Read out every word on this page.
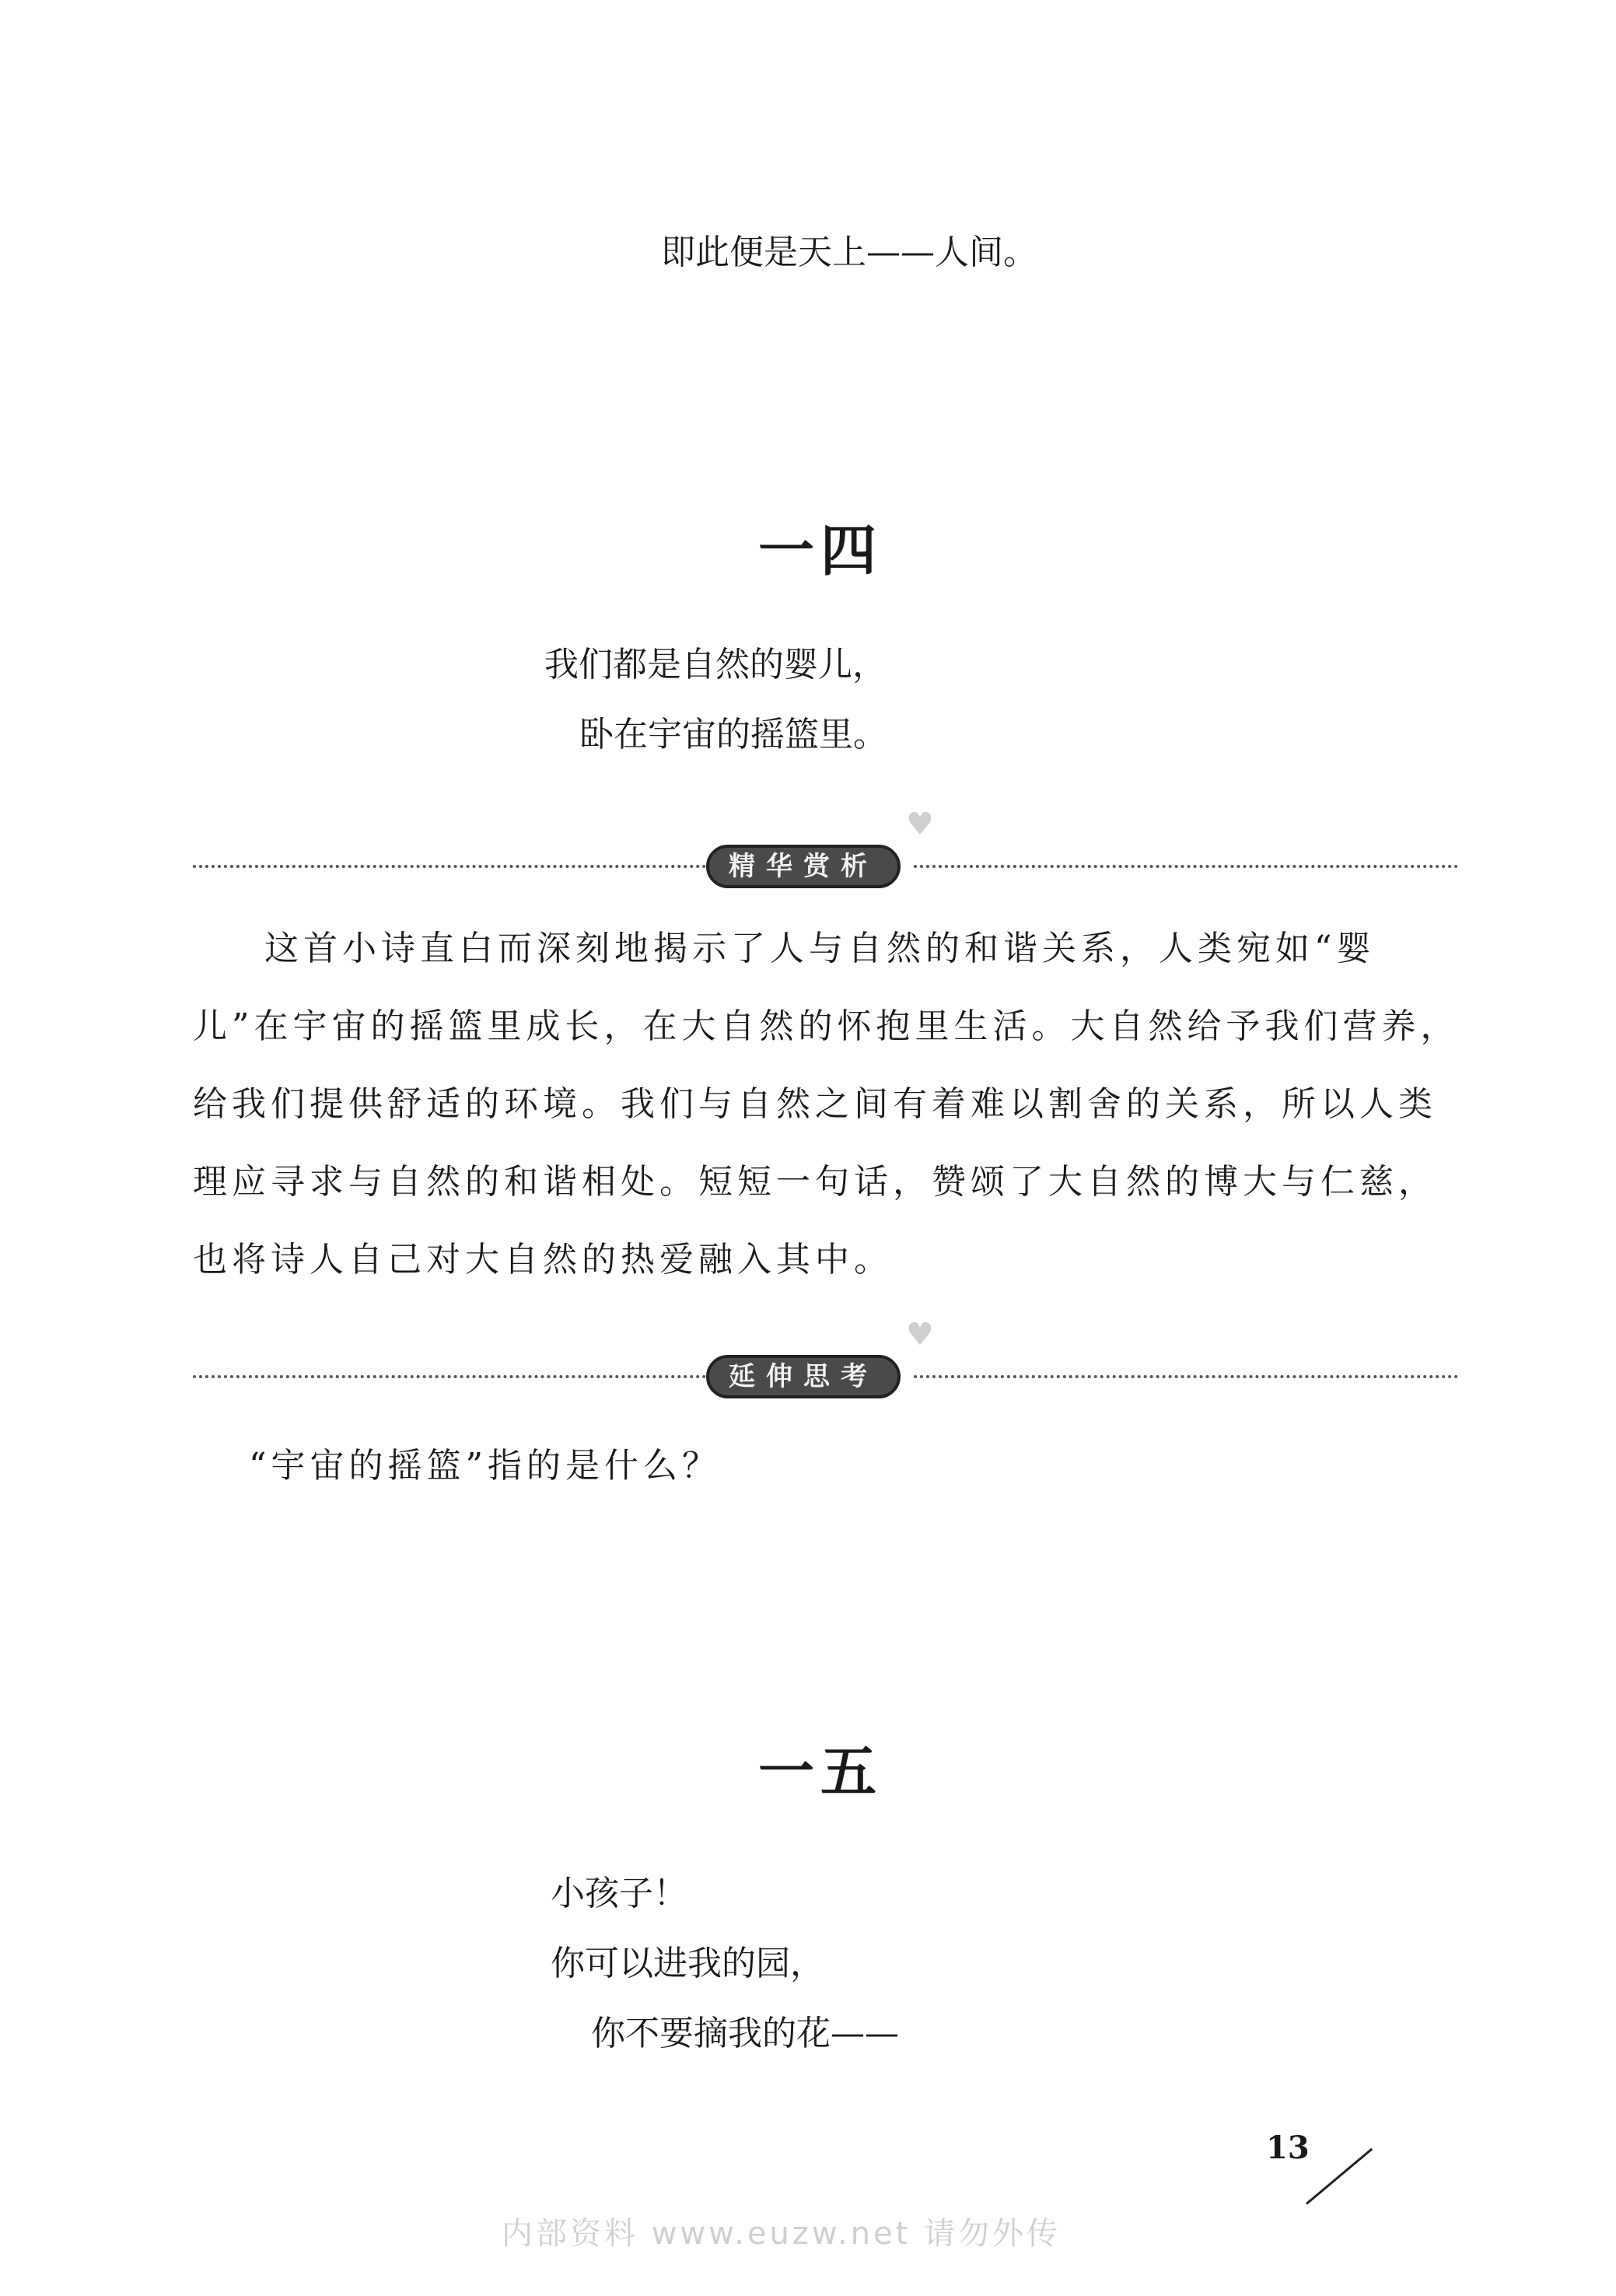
即此便是天上——人间。
一四
我们都是自然的婴儿，
卧在宇宙的摇篮里。
精华赏析
♥
这首小诗直白而深刻地揭示了人与自然的和谐关系，人类宛如“婴儿”在宇宙的摇篮里成长，在大自然的怀抱里生活。大自然给予我们营养，给我们提供舒适的环境。我们与自然之间有着难以割舍的关系，所以人类理应寻求与自然的和谐相处。短短一句话，赞颂了大自然的博大与仁慈，也将诗人自己对大自然的热爱融入其中。
延伸思考
♥
“宇宙的摇篮”指的是什么？
一五
小孩子！
你可以进我的园，
你不要摘我的花——
13
内部资料 www.euzw.net 请勿外传
